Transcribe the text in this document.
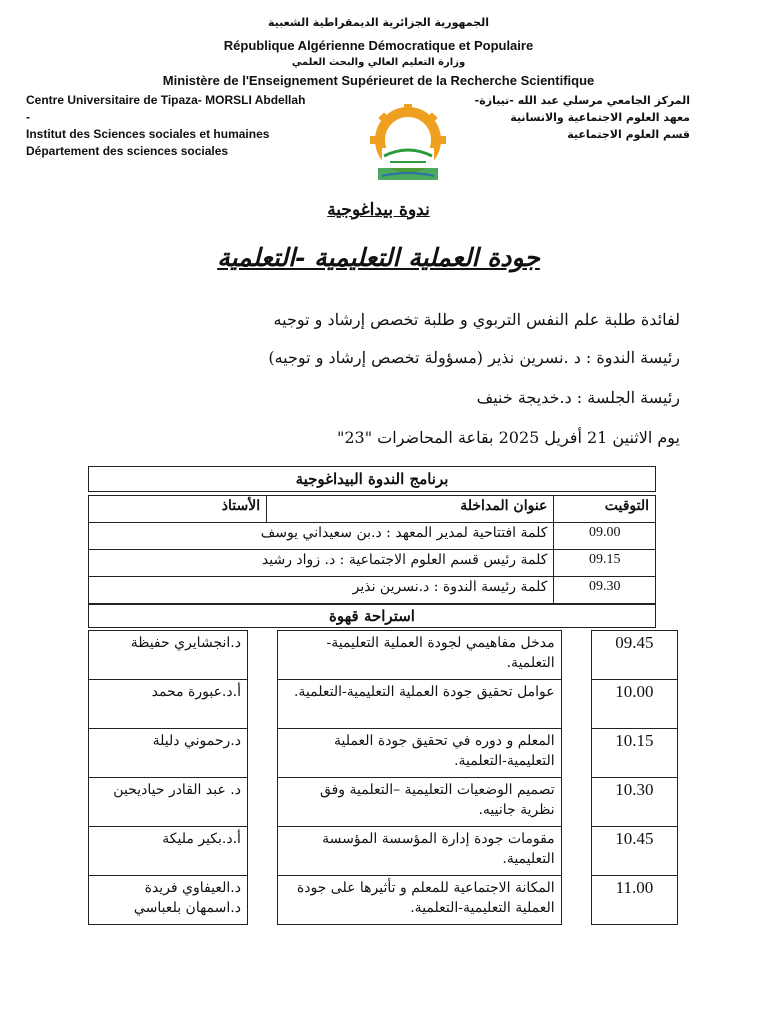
الجمهورية الجزائرية الديمقراطية الشعبية
République Algérienne Démocratique et Populaire
وزارة التعليم العالي والبحث العلمي
Ministère de l'Enseignement Supérieuret de la Recherche Scientifique
Centre Universitaire de Tipaza- MORSLI Abdellah
-
Institut des Sciences sociales et humaines
Département des sciences sociales
المركز الجامعي مرسلي عبد الله -تيبازة-
معهد العلوم الاجتماعية والانسانية
قسم العلوم الاجتماعية
ندوة بيداغوجية
جودة العملية التعليمية -التعلمية
لفائدة طلبة علم النفس التربوي و طلبة تخصص إرشاد و توجيه
رئيسة الندوة : د .نسرين نذير (مسؤولة تخصص إرشاد و توجيه)
رئيسة الجلسة : د.خديجة خنيف
يوم الاثنين 21 أفريل 2025 بقاعة المحاضرات "23"
برنامج الندوة البيداغوجية
التوقيت	عنوان المداخلة	الأستاذ
09.00	كلمة افتتاحية لمدير المعهد : د.بن سعيداني يوسف	
09.15	كلمة رئيس قسم العلوم الاجتماعية : د. زواد رشيد	
09.30	كلمة رئيسة الندوة : د.نسرين نذير	
استراحة قهوة
09.45		مدخل مفاهيمي لجودة العملية التعليمية-التعلمية.		د.انجشايري حفيظة
10.00		عوامل تحقيق جودة العملية التعليمية-التعلمية.		أ.د.عبورة محمد
10.15		المعلم و دوره في تحقيق جودة العملية التعليمية-التعلمية.		د.رحموني دليلة
10.30		تصميم الوضعيات التعليمية –التعلمية وفق نظرية جانييه.		د. عبد القادر حياديحين
10.45		مقومات جودة إدارة المؤسسة المؤسسة التعليمية.		أ.د.بكير مليكة
11.00		المكانة الاجتماعية للمعلم و تأثيرها على جودة العملية التعليمية-التعلمية.		د.العيفاوي فريدة د.اسمهان بلعباسي
